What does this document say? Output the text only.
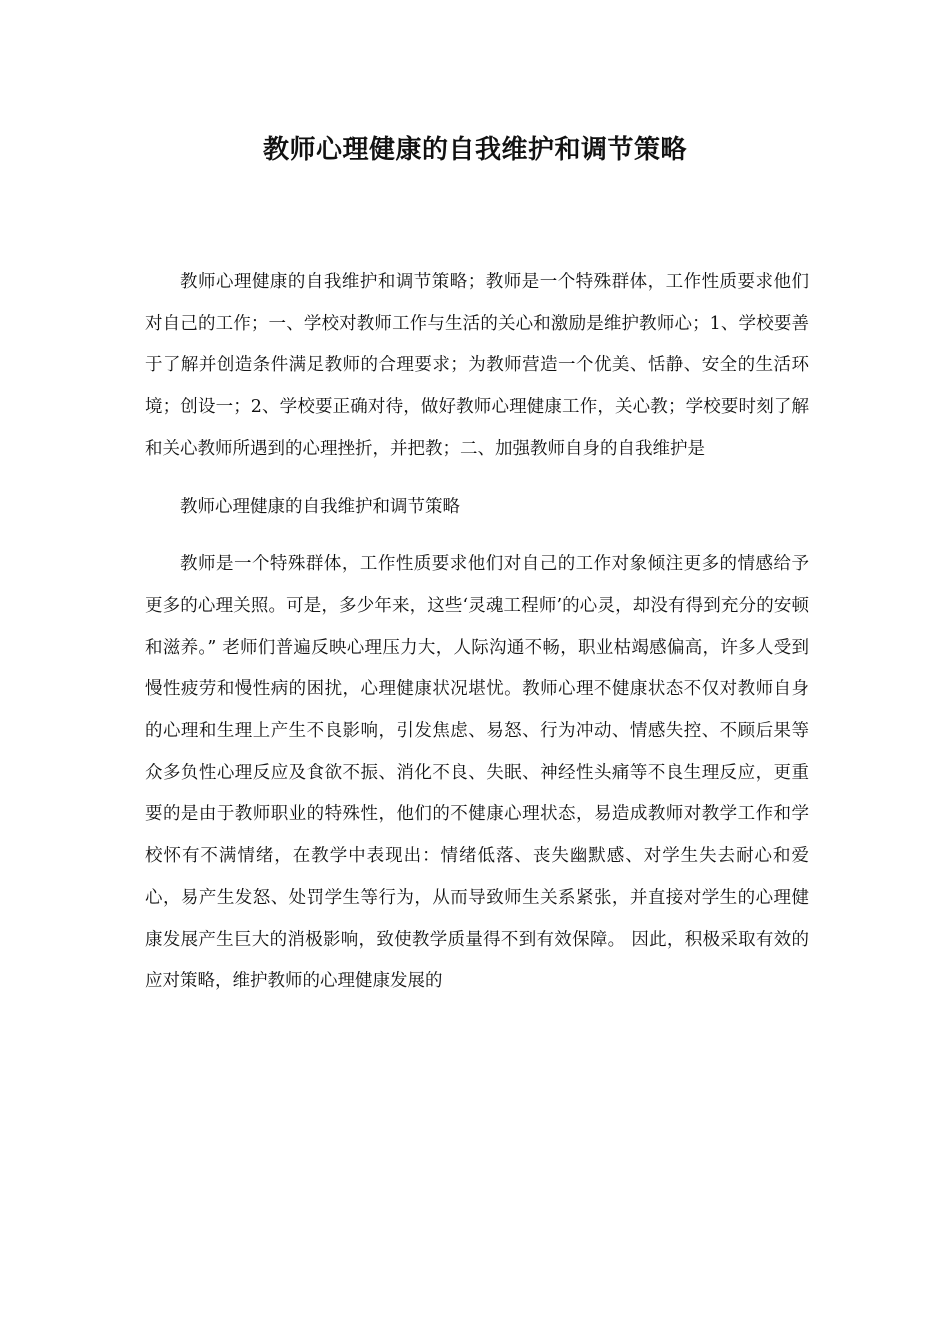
教师心理健康的自我维护和调节策略

教师心理健康的自我维护和调节策略；教师是一个特殊群体，工作性质要求他们对自己的工作；一、学校对教师工作与生活的关心和激励是维护教师心；1、学校要善于了解并创造条件满足教师的合理要求；为教师营造一个优美、恬静、安全的生活环境；创设一；2、学校要正确对待，做好教师心理健康工作，关心教；学校要时刻了解和关心教师所遇到的心理挫折，并把教；二、加强教师自身的自我维护是

教师心理健康的自我维护和调节策略

教师是一个特殊群体，工作性质要求他们对自己的工作对象倾注更多的情感给予更多的心理关照。可是，多少年来，这些‘灵魂工程师’的心灵，却没有得到充分的安顿和滋养。” 老师们普遍反映心理压力大，人际沟通不畅，职业枯竭感偏高，许多人受到慢性疲劳和慢性病的困扰，心理健康状况堪忧。教师心理不健康状态不仅对教师自身的心理和生理上产生不良影响，引发焦虑、易怒、行为冲动、情感失控、不顾后果等众多负性心理反应及食欲不振、消化不良、失眠、神经性头痛等不良生理反应，更重要的是由于教师职业的特殊性，他们的不健康心理状态，易造成教师对教学工作和学校怀有不满情绪，在教学中表现出：情绪低落、丧失幽默感、对学生失去耐心和爱心，易产生发怒、处罚学生等行为，从而导致师生关系紧张，并直接对学生的心理健康发展产生巨大的消极影响，致使教学质量得不到有效保障。 因此，积极采取有效的应对策略，维护教师的心理健康发展的
